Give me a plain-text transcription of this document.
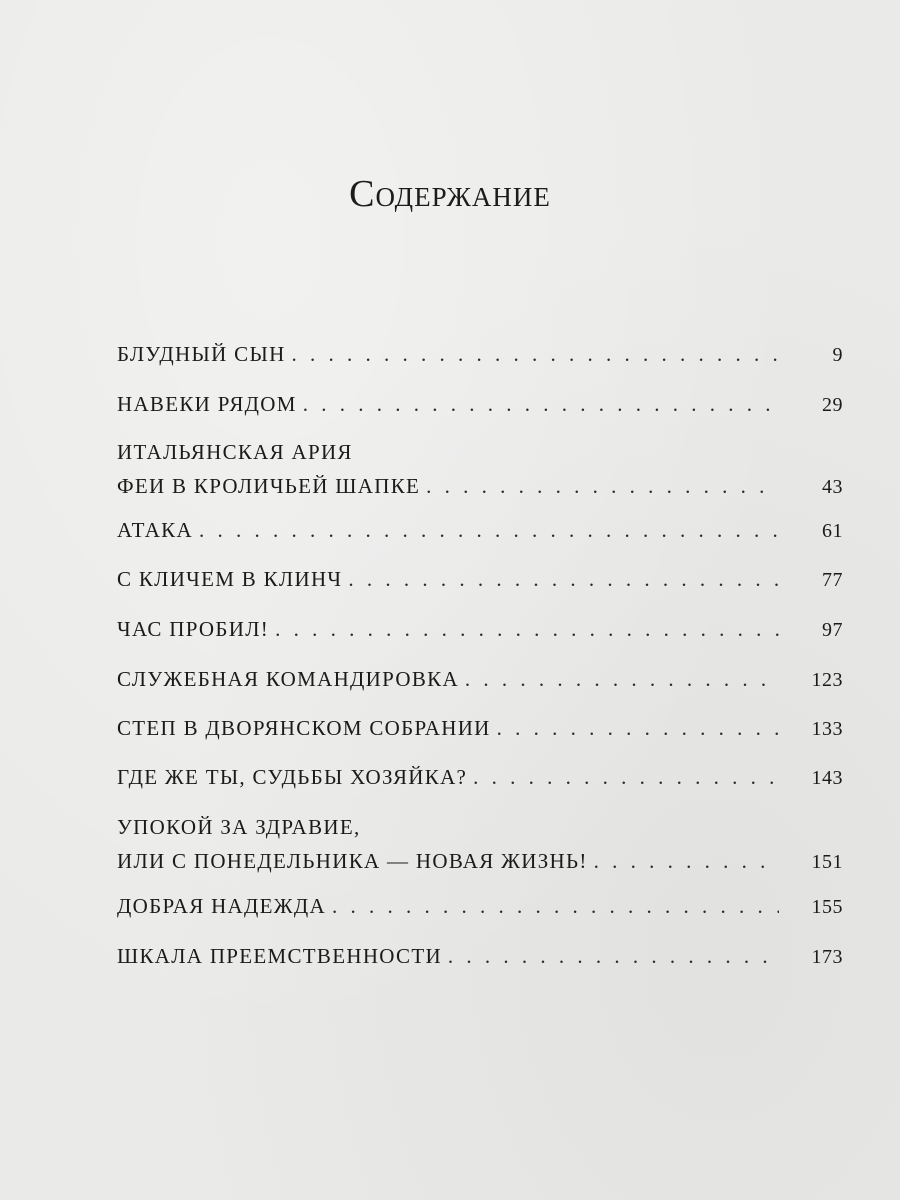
Содержание
БЛУДНЫЙ СЫН . . .	9
НАВЕКИ РЯДОМ . . .	29
ИТАЛЬЯНСКАЯ АРИЯ
ФЕИ В КРОЛИЧЬЕЙ ШАПКЕ . . .	43
АТАКА . . .	61
С КЛИЧЕМ В КЛИНЧ . . .	77
ЧАС ПРОБИЛ! . . .	97
СЛУЖЕБНАЯ КОМАНДИРОВКА . . .	123
СТЕП В ДВОРЯНСКОМ СОБРАНИИ . . .	133
ГДЕ ЖЕ ТЫ, СУДЬБЫ ХОЗЯЙКА? . . .	143
УПОКОЙ ЗА ЗДРАВИЕ,
ИЛИ С ПОНЕДЕЛЬНИКА — НОВАЯ ЖИЗНЬ! . . .	151
ДОБРАЯ НАДЕЖДА . . .	155
ШКАЛА ПРЕЕМСТВЕННОСТИ . . .	173
